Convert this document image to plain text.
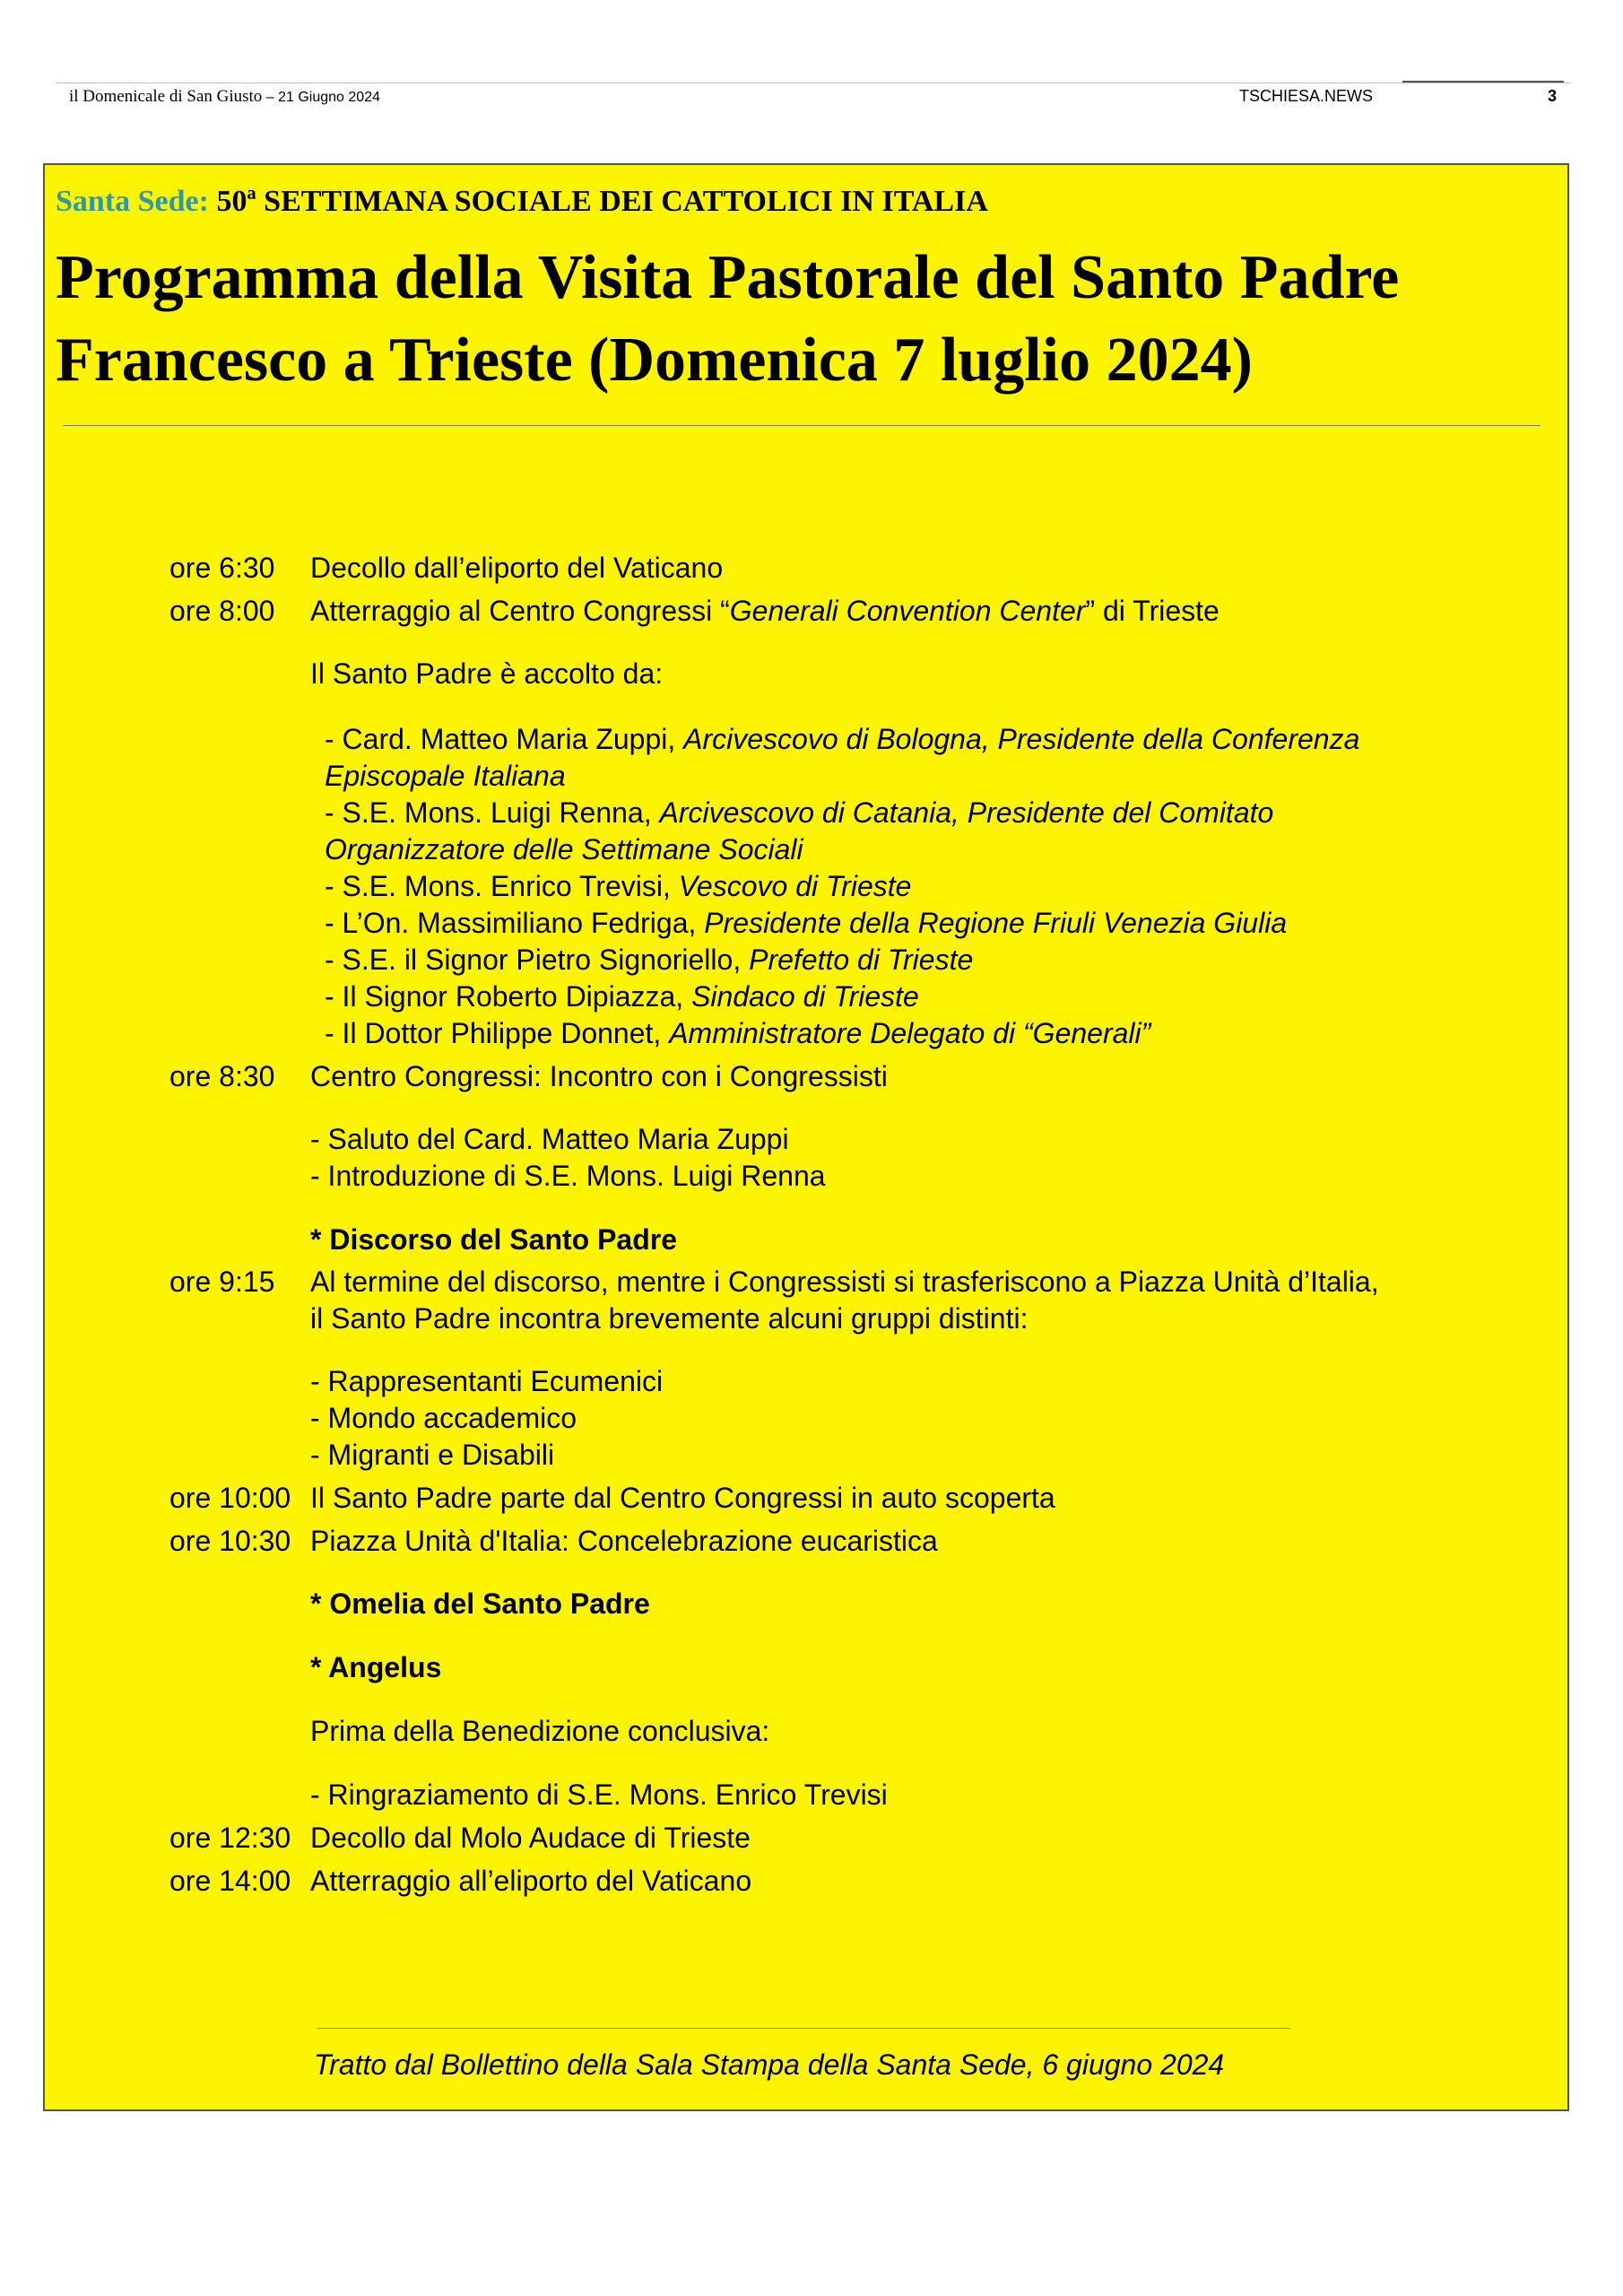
il Domenicale di San Giusto – 21 Giugno 2024	TSCHIESA.NEWS	3
Santa Sede: 50ª SETTIMANA SOCIALE DEI CATTOLICI IN ITALIA
Programma della Visita Pastorale del Santo Padre
Francesco a Trieste (Domenica 7 luglio 2024)
ore 6:30 Decollo dall’eliporto del Vaticano
ore 8:00 Atterraggio al Centro Congressi “Generali Convention Center” di Trieste
Il Santo Padre è accolto da:
- Card. Matteo Maria Zuppi, Arcivescovo di Bologna, Presidente della Conferenza
Episcopale Italiana
- S.E. Mons. Luigi Renna, Arcivescovo di Catania, Presidente del Comitato
Organizzatore delle Settimane Sociali
- S.E. Mons. Enrico Trevisi, Vescovo di Trieste
- L’On. Massimiliano Fedriga, Presidente della Regione Friuli Venezia Giulia
- S.E. il Signor Pietro Signoriello, Prefetto di Trieste
- Il Signor Roberto Dipiazza, Sindaco di Trieste
- Il Dottor Philippe Donnet, Amministratore Delegato di “Generali”
ore 8:30 Centro Congressi: Incontro con i Congressisti
- Saluto del Card. Matteo Maria Zuppi
- Introduzione di S.E. Mons. Luigi Renna
* Discorso del Santo Padre
ore 9:15 Al termine del discorso, mentre i Congressisti si trasferiscono a Piazza Unità d’Italia,
il Santo Padre incontra brevemente alcuni gruppi distinti:
- Rappresentanti Ecumenici
- Mondo accademico
- Migranti e Disabili
ore 10:00 Il Santo Padre parte dal Centro Congressi in auto scoperta
ore 10:30 Piazza Unità d'Italia: Concelebrazione eucaristica
* Omelia del Santo Padre
* Angelus
Prima della Benedizione conclusiva:
- Ringraziamento di S.E. Mons. Enrico Trevisi
ore 12:30 Decollo dal Molo Audace di Trieste
ore 14:00 Atterraggio all’eliporto del Vaticano
Tratto dal Bollettino della Sala Stampa della Santa Sede, 6 giugno 2024
